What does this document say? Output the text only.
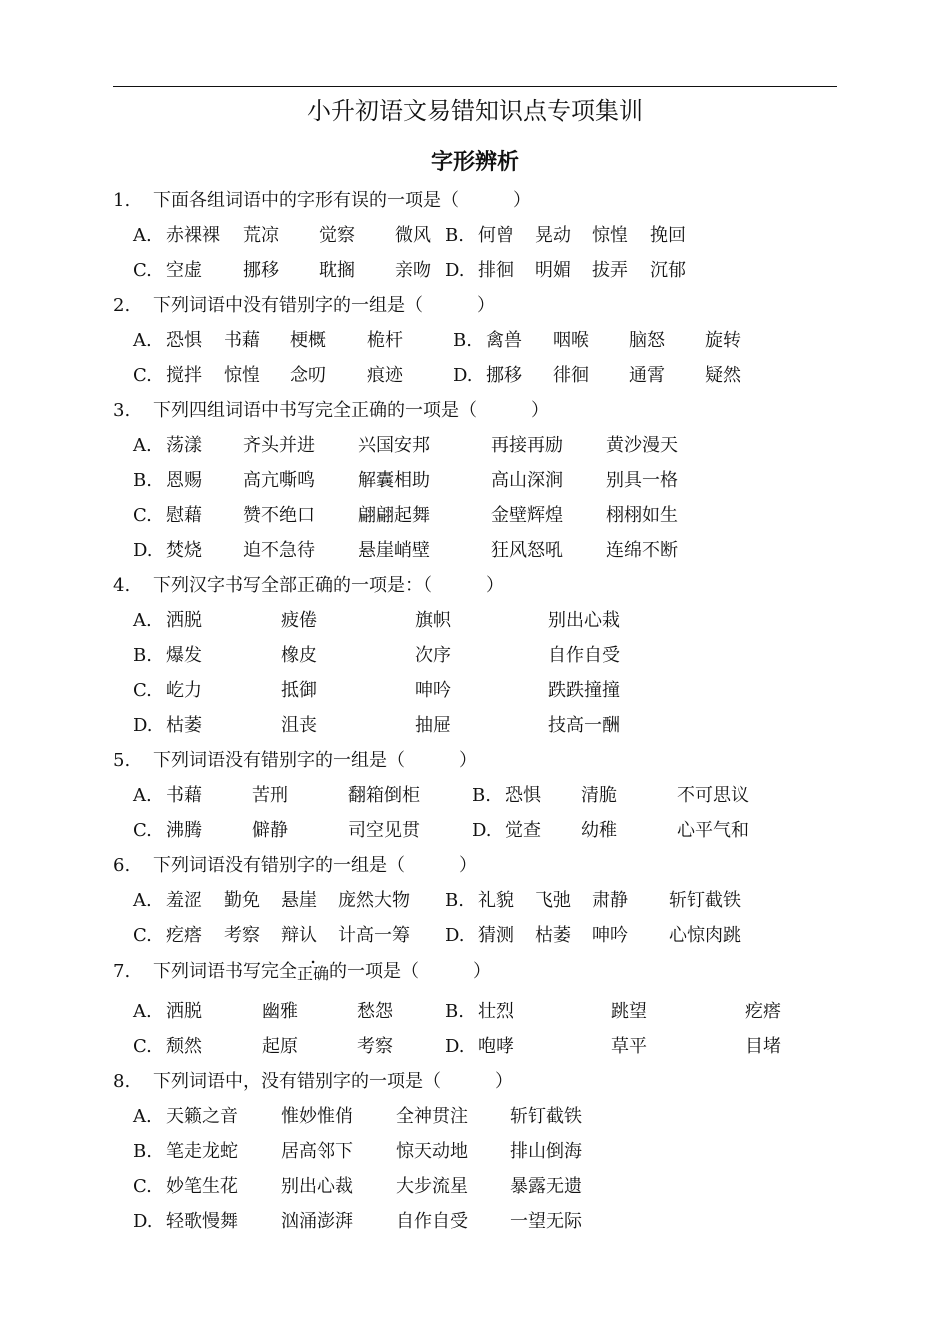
小升初语文易错知识点专项集训
字形辨析
1. 下面各组词语中的字形有误的一项是（　　　）
A. 赤裸裸 荒凉 觉察 微风 B. 何曾 晃动 惊惶 挽回
C. 空虚 挪移 耽搁 亲吻 D. 排徊 明媚 拔弄 沉郁
2. 下列词语中没有错别字的一组是（　　　）
A. 恐惧 书藉 梗概 桅杆	B. 禽兽 咽喉 脑怒 旋转
C. 搅拌 惊惶 念叨 痕迹	D. 挪移 徘徊 通霄 疑然
3. 下列四组词语中书写完全正确的一项是（　　　）
A. 荡漾 齐头并进 兴国安邦	再接再励 黄沙漫天
B. 恩赐 高亢嘶鸣 解囊相助	高山深涧 别具一格
C. 慰藉 赞不绝口 翩翩起舞	金壁辉煌 栩栩如生
D. 焚烧 迫不急待 悬崖峭壁	狂风怒吼 连绵不断
4. 下列汉字书写全部正确的一项是：（　　　）
A. 洒脱	疲倦	旗帜	别出心栽
B. 爆发	橡皮	次序	自作自受
C. 屹力	抵御	呻吟	跌跌撞撞
D. 枯萎	沮丧	抽屉	技高一酬
5. 下列词语没有错别字的一组是（　　　）
A. 书藉	苦刑	翻箱倒柜	B. 恐惧 清脆	不可思议
C. 沸腾	僻静	司空见贯	D. 觉查 幼稚	心平气和
6. 下列词语没有错别字的一组是（　　　）
A. 羞涩 勤免 悬崖 庞然大物 B. 礼貌 飞弛 肃静 斩钉截铁
C. 疙瘩 考察 辩认 计高一筹 D. 猜测 枯萎 呻吟 心惊肉跳
7. 下列词语书写完全正确的一项是（　　　）
A. 洒脱	幽雅	愁怨	B. 壮烈	跳望	疙瘩
C. 颓然	起原	考察	D. 咆哮	草平	目堵
8. 下列词语中，没有错别字的一项是（　　　）
A. 天籁之音 惟妙惟俏 全神贯注 斩钉截铁
B. 笔走龙蛇 居高邻下 惊天动地 排山倒海
C. 妙笔生花 别出心裁 大步流星 暴露无遗
D. 轻歌慢舞 汹涌澎湃 自作自受 一望无际
